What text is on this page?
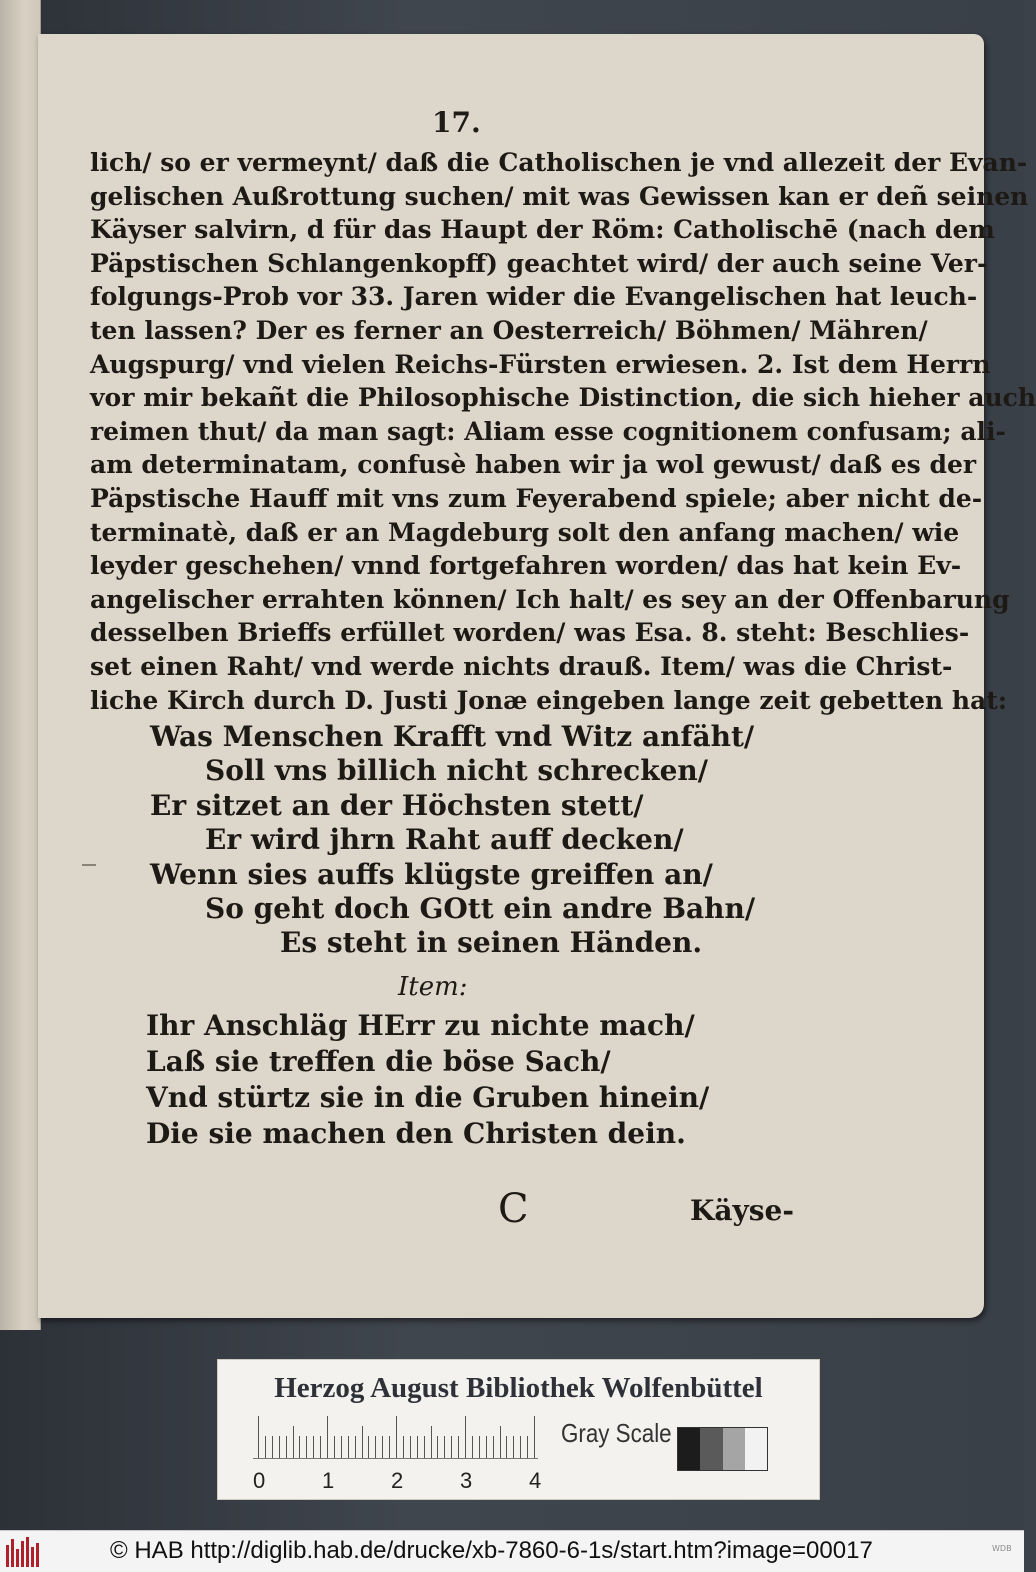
17.
lich/ so er vermeynt/ daß die Catholischen je vnd allezeit der Evan-
gelischen Außrottung suchen/ mit was Gewissen kan er deñ seinen
Käyser salvirn, d für das Haupt der Röm: Catholischē (nach dem
Päpstischen Schlangenkopff) geachtet wird/ der auch seine Ver-
folgungs-Prob vor 33. Jaren wider die Evangelischen hat leuch-
ten lassen? Der es ferner an Oesterreich/ Böhmen/ Mähren/
Augspurg/ vnd vielen Reichs-Fürsten erwiesen. 2. Ist dem Herrn
vor mir bekañt die Philosophische Distinction, die sich hieher auch
reimen thut/ da man sagt: Aliam esse cognitionem confusam; ali-
am determinatam, confusè haben wir ja wol gewust/ daß es der
Päpstische Hauff mit vns zum Feyerabend spiele; aber nicht de-
terminatè, daß er an Magdeburg solt den anfang machen/ wie
leyder geschehen/ vnnd fortgefahren worden/ das hat kein Ev-
angelischer errahten können/ Ich halt/ es sey an der Offenbarung
desselben Brieffs erfüllet worden/ was Esa. 8. steht: Beschlies-
set einen Raht/ vnd werde nichts drauß. Item/ was die Christ-
liche Kirch durch D. Justi Jonæ eingeben lange zeit gebetten hat:
Was Menschen Krafft vnd Witz anfäht/
Soll vns billich nicht schrecken/
Er sitzet an der Höchsten stett/
Er wird jhrn Raht auff decken/
Wenn sies auffs klügste greiffen an/
So geht doch GOtt ein andre Bahn/
Es steht in seinen Händen.
Item:
Ihr Anschläg HErr zu nichte mach/
Laß sie treffen die böse Sach/
Vnd stürtz sie in die Gruben hinein/
Die sie machen den Christen dein.
C	Käyse-
Herzog August Bibliothek Wolfenbüttel
0	1	2	3	4
Gray Scale
© HAB http://diglib.hab.de/drucke/xb-7860-6-1s/start.htm?image=00017	WDB
